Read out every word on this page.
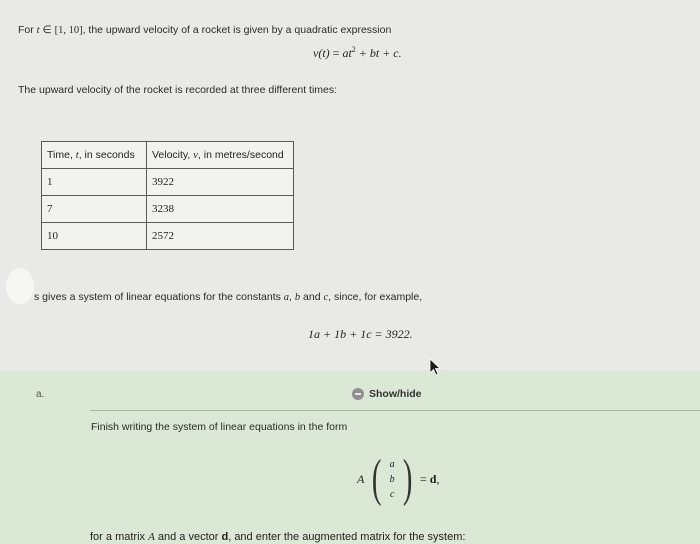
For t ∈ [1, 10], the upward velocity of a rocket is given by a quadratic expression
$v(t) = at^2$ + bt + c.
The upward velocity of the rocket is recorded at three different times:
Time, t, in seconds	Velocity, v, in metres/second
1	3922
7	3238
10	2572
s gives a system of linear equations for the constants a, b and c, since, for example,
1a + 1b + 1c = 3922.
a.	Show/hide
Finish writing the system of linear equations in the form
A ( a
b
c ) = d,
for a matrix A and a vector d, and enter the augmented matrix for the system:
